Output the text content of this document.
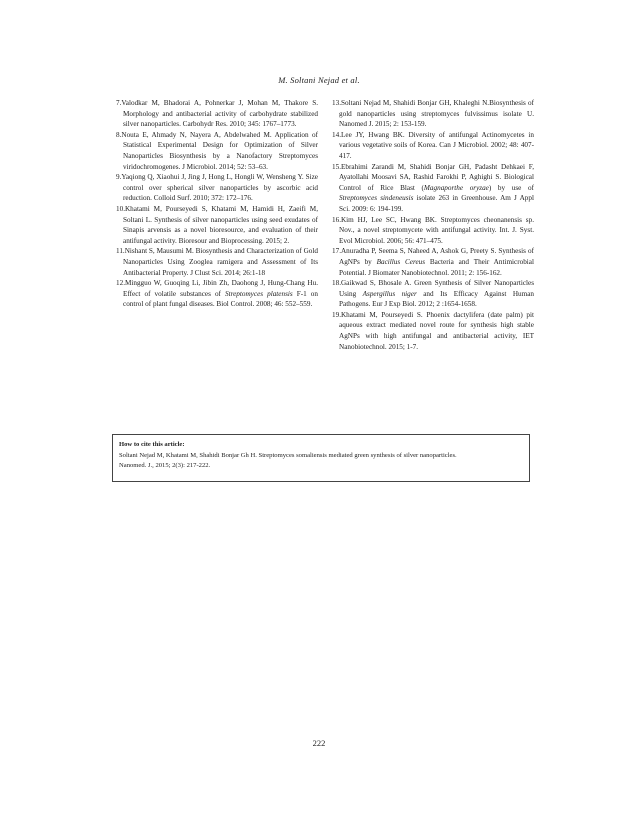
M. Soltani Nejad et al.

7.Valodkar M, Bhadorai A, Pohnerkar J, Mohan M, Thakore S. Morphology and antibacterial activity of carbohydrate stabilized silver nanoparticles. Carbohydr Res. 2010; 345: 1767–1773.

8.Nouta E, Ahmady N, Nayera A, Abdelwahed M. Application of Statistical Experimental Design for Optimization of Silver Nanoparticles Biosynthesis by a Nanofactory Streptomyces viridochromogenes. J Microbiol. 2014; 52: 53–63.

9.Yaqiong Q, Xiaohui J, Jing J, Hong L, Hongli W, Wensheng Y. Size control over spherical silver nanoparticles by ascorbic acid reduction. Colloid Surf. 2010; 372: 172–176.

10.Khatami M, Pourseyedi S, Khatami M, Hamidi H, Zaeifi M, Soltani L. Synthesis of silver nanoparticles using seed exudates of Sinapis arvensis as a novel bioresource, and evaluation of their antifungal activity. Bioresour and Bioprocessing. 2015; 2.

11.Nishant S, Mausumi M. Biosynthesis and Characterization of Gold Nanoparticles Using Zooglea ramigera and Assessment of Its Antibacterial Property. J Clust Sci. 2014; 26:1-18

12.Mingguo W, Guoqing Li, Jibin Zh, Daohong J, Hung-Chang Hu. Effect of volatile substances of Streptomyces platensis F-1 on control of plant fungal diseases. Biol Control. 2008; 46: 552–559.

13.Soltani Nejad M, Shahidi Bonjar GH, Khaleghi N.Biosynthesis of gold nanoparticles using streptomyces fulvissimus isolate U. Nanomed J. 2015; 2: 153-159.

14.Lee JY, Hwang BK. Diversity of antifungal Actinomycetes in various vegetative soils of Korea. Can J Microbiol. 2002; 48: 407-417.

15.Ebrahimi Zarandi M, Shahidi Bonjar GH, Padasht Dehkaei F, Ayatollahi Moosavi SA, Rashid Farokhi P, Aghighi S. Biological Control of Rice Blast (Magnaporthe oryzae) by use of Streptomyces sindeneusis isolate 263 in Greenhouse. Am J Appl Sci. 2009: 6: 194-199.

16.Kim HJ, Lee SC, Hwang BK. Streptomyces cheonanensis sp. Nov., a novel streptomycete with antifungal activity. Int. J. Syst. Evol Microbiol. 2006; 56: 471–475.

17.Anuradha P, Seema S, Naheed A, Ashok G, Preety S. Synthesis of AgNPs by Bacillus Cereus Bacteria and Their Antimicrobial Potential. J Biomater Nanobiotechnol. 2011; 2: 156-162.

18.Gaikwad S, Bhosale A. Green Synthesis of Silver Nanoparticles Using Aspergillus niger and Its Efficacy Against Human Pathogens. Eur J Exp Biol. 2012; 2 :1654-1658.

19.Khatami M, Pourseyedi S. Phoenix dactylifera (date palm) pit aqueous extract mediated novel route for synthesis high stable AgNPs with high antifungal and antibacterial activity, IET Nanobiotechnol. 2015; 1-7.

How to cite this article:
Soltani Nejad M, Khatami M, Shahidi Bonjar Gh H. Streptomyces somaliensis mediated green synthesis of silver nanoparticles.
Nanomed. J., 2015; 2(3): 217-222.
222
